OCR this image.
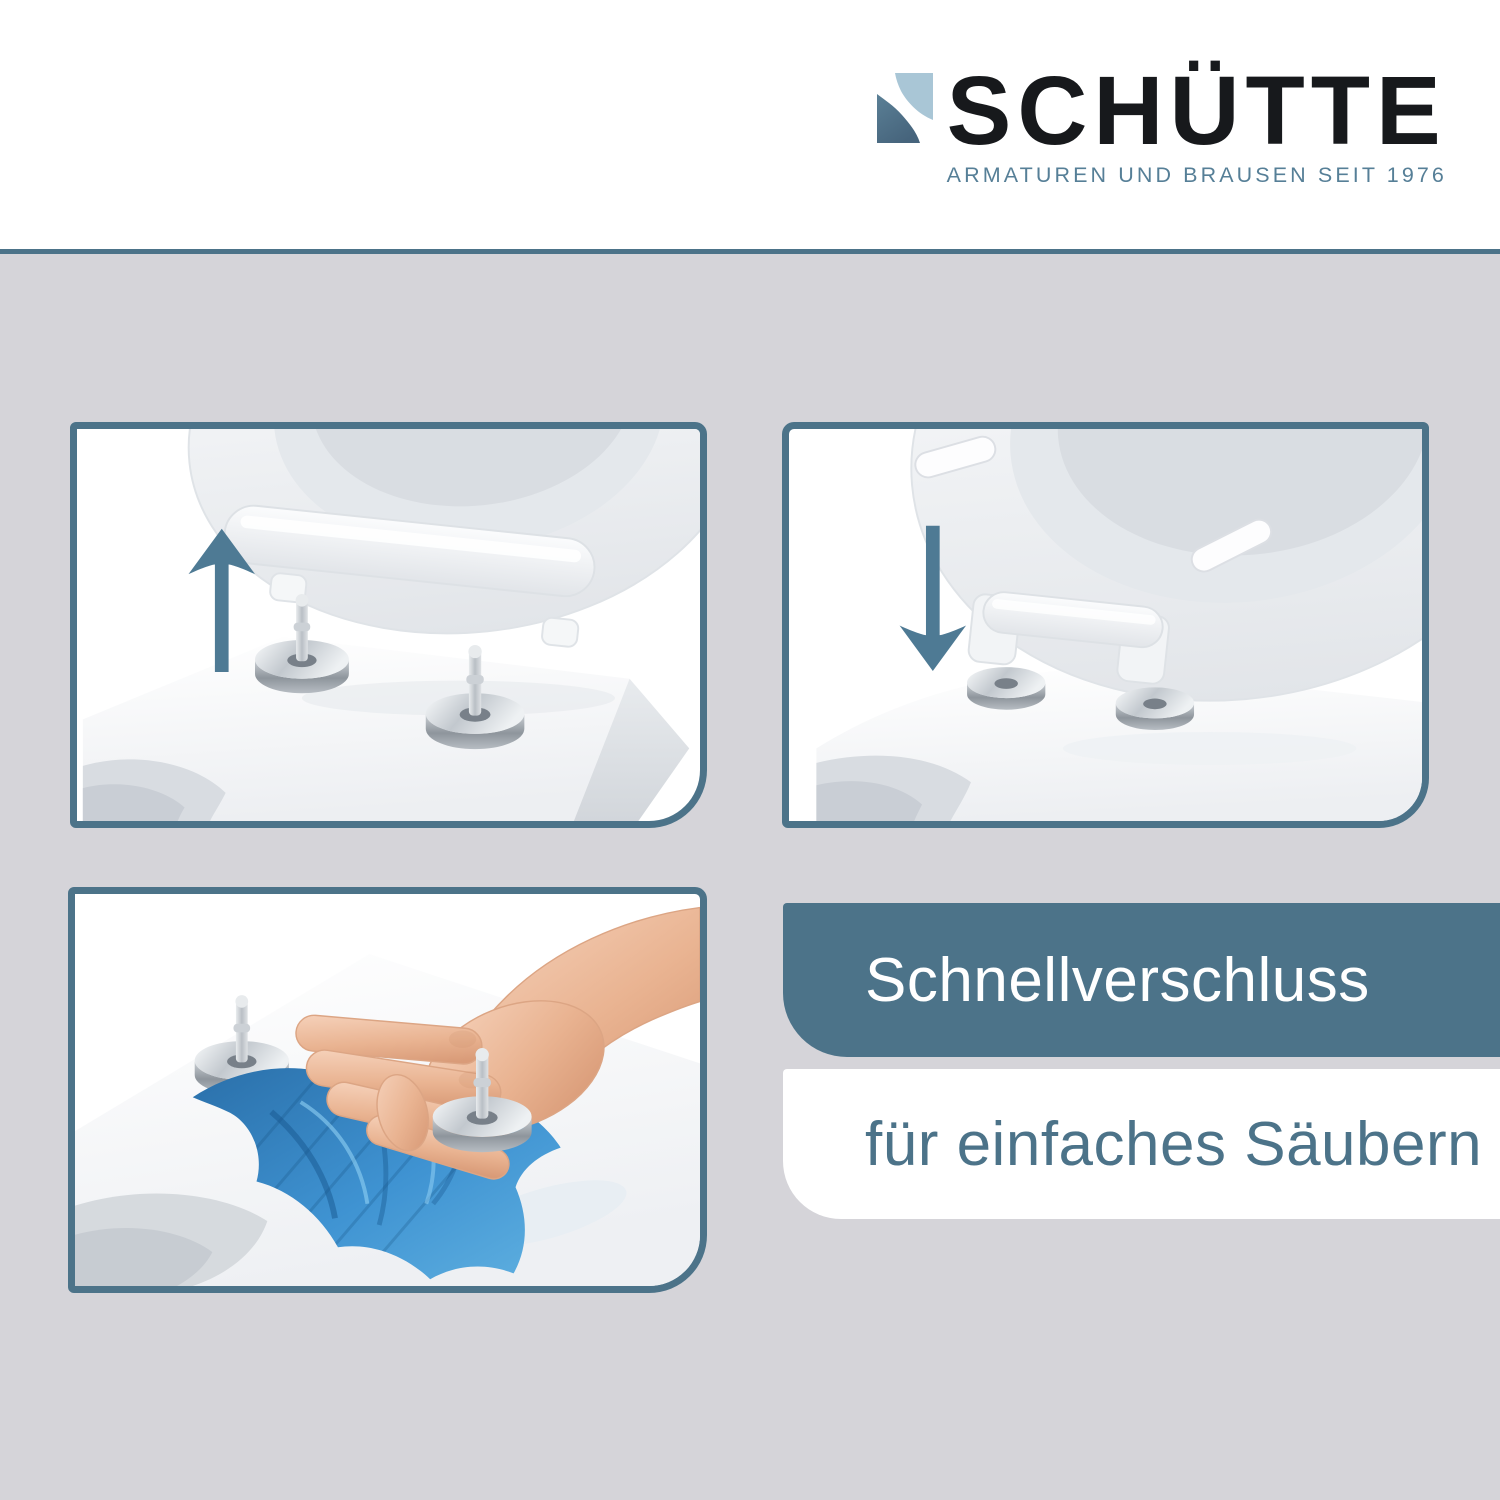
SCHÜTTE
ARMATUREN UND BRAUSEN SEIT 1976
Schnellverschluss
für einfaches Säubern
